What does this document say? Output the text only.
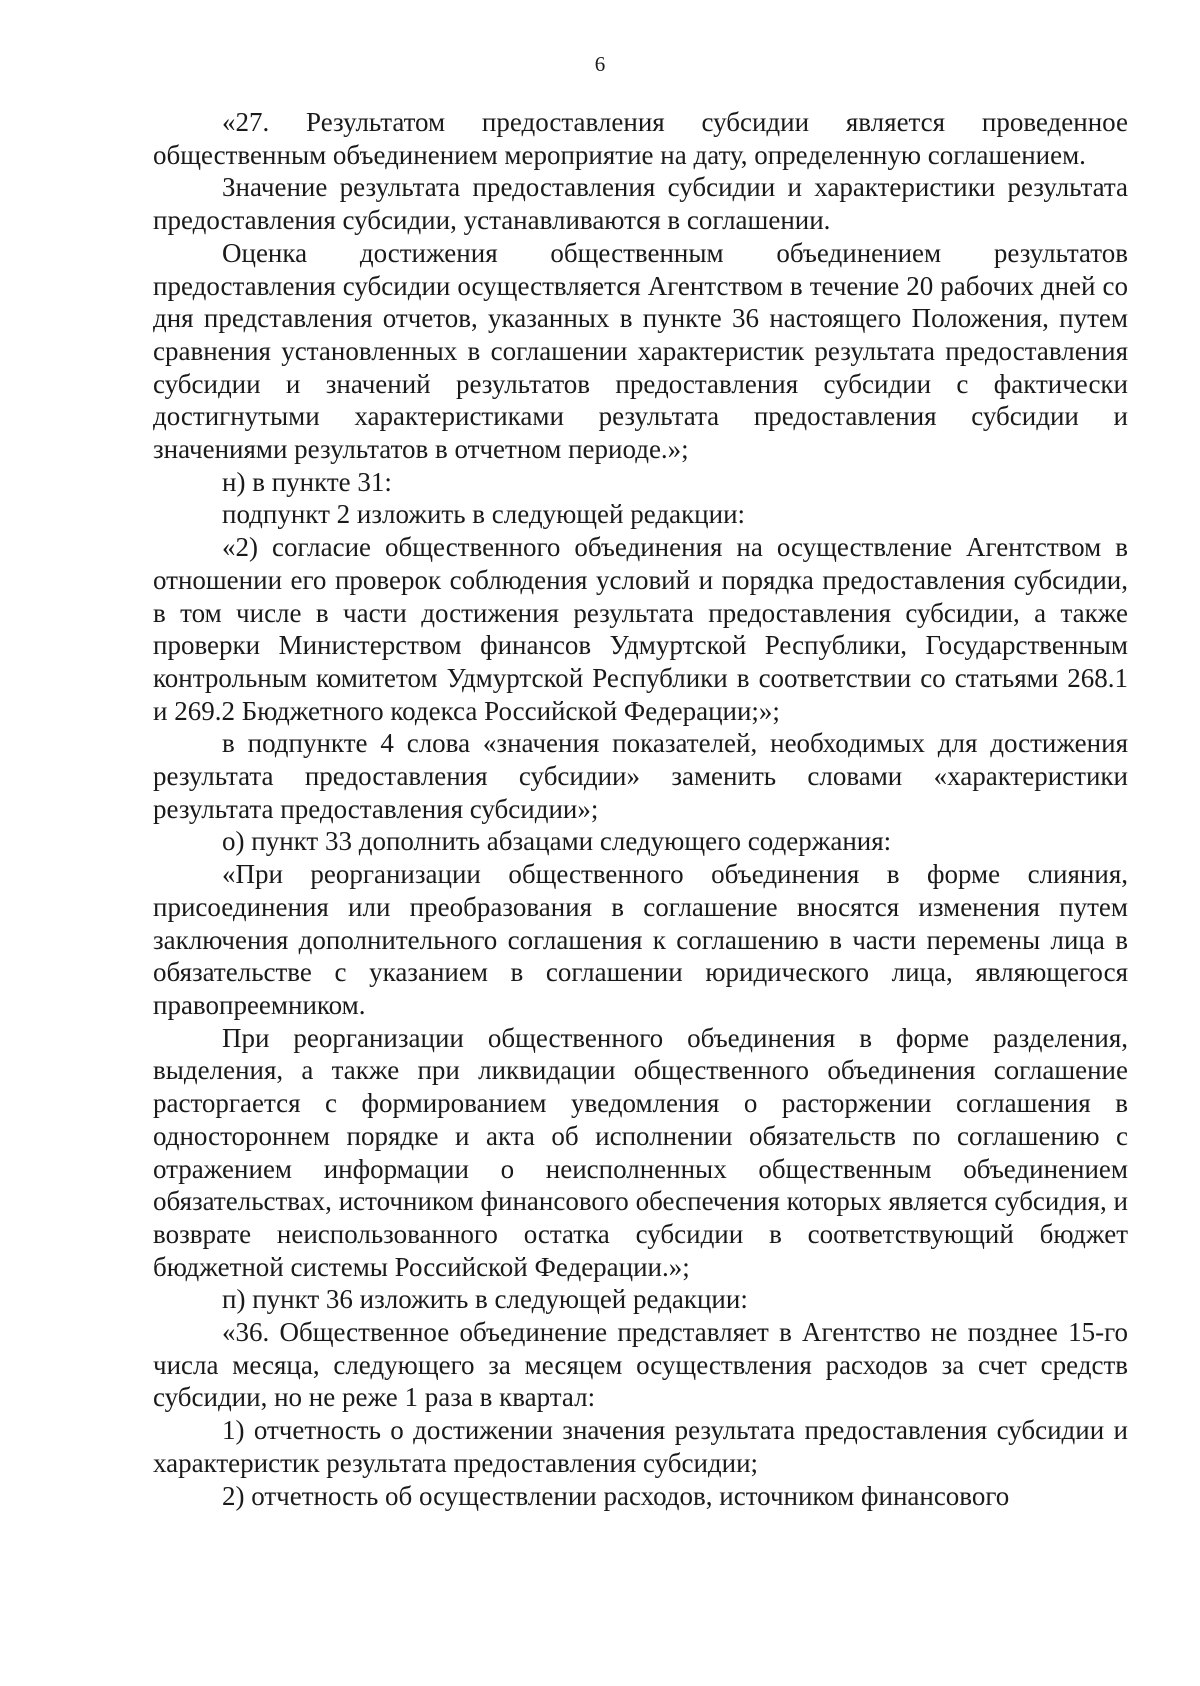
6

«27. Результатом предоставления субсидии является проведенное общественным объединением мероприятие на дату, определенную соглашением.

Значение результата предоставления субсидии и характеристики результата предоставления субсидии, устанавливаются в соглашении.

Оценка достижения общественным объединением результатов предоставления субсидии осуществляется Агентством в течение 20 рабочих дней со дня представления отчетов, указанных в пункте 36 настоящего Положения, путем сравнения установленных в соглашении характеристик результата предоставления субсидии и значений результатов предоставления субсидии с фактически достигнутыми характеристиками результата предоставления субсидии и значениями результатов в отчетном периоде.»;

н) в пункте 31:

подпункт 2 изложить в следующей редакции:

«2) согласие общественного объединения на осуществление Агентством в отношении его проверок соблюдения условий и порядка предоставления субсидии, в том числе в части достижения результата предоставления субсидии, а также проверки Министерством финансов Удмуртской Республики, Государственным контрольным комитетом Удмуртской Республики в соответствии со статьями 268.1 и 269.2 Бюджетного кодекса Российской Федерации;»;

в подпункте 4 слова «значения показателей, необходимых для достижения результата предоставления субсидии» заменить словами «характеристики результата предоставления субсидии»;

о) пункт 33 дополнить абзацами следующего содержания:

«При реорганизации общественного объединения в форме слияния, присоединения или преобразования в соглашение вносятся изменения путем заключения дополнительного соглашения к соглашению в части перемены лица в обязательстве с указанием в соглашении юридического лица, являющегося правопреемником.

При реорганизации общественного объединения в форме разделения, выделения, а также при ликвидации общественного объединения соглашение расторгается с формированием уведомления о расторжении соглашения в одностороннем порядке и акта об исполнении обязательств по соглашению с отражением информации о неисполненных общественным объединением обязательствах, источником финансового обеспечения которых является субсидия, и возврате неиспользованного остатка субсидии в соответствующий бюджет бюджетной системы Российской Федерации.»;

п) пункт 36 изложить в следующей редакции:

«36. Общественное объединение представляет в Агентство не позднее 15-го числа месяца, следующего за месяцем осуществления расходов за счет средств субсидии, но не реже 1 раза в квартал:

1) отчетность о достижении значения результата предоставления субсидии и характеристик результата предоставления субсидии;

2) отчетность об осуществлении расходов, источником финансового
